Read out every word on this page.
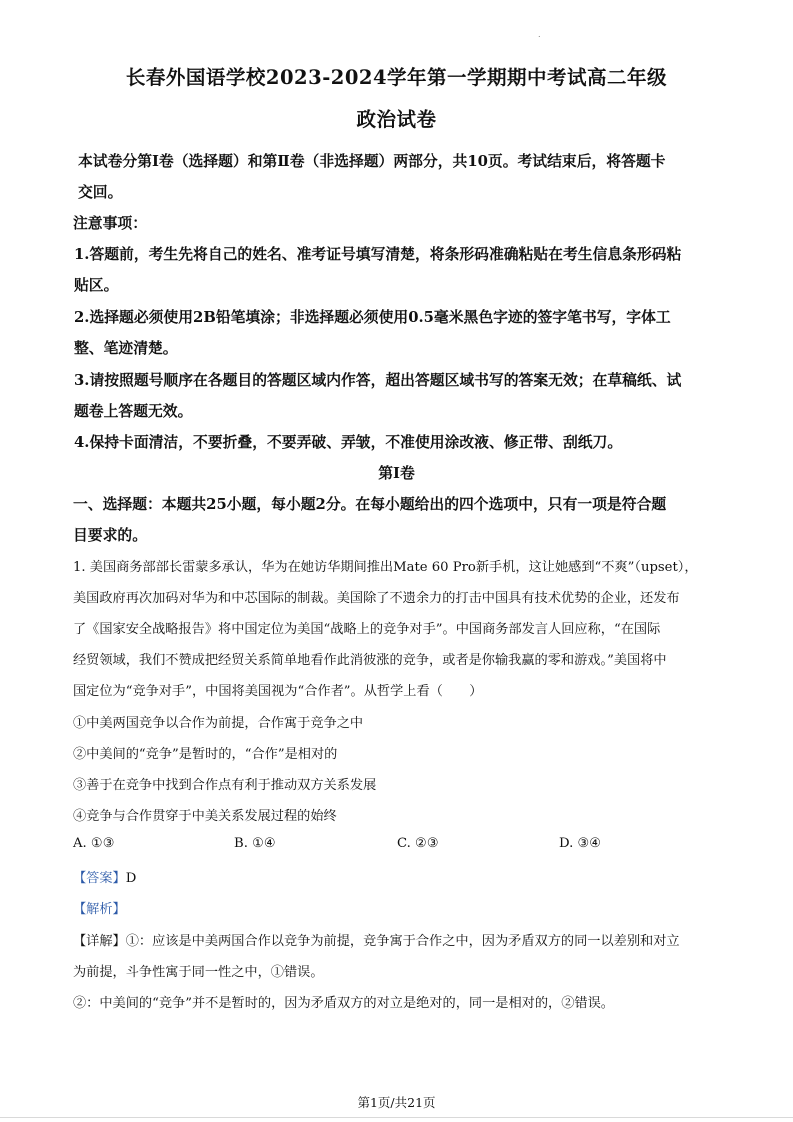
.
长春外国语学校2023-2024学年第一学期期中考试高二年级
政治试卷
本试卷分第Ⅰ卷（选择题）和第Ⅱ卷（非选择题）两部分，共10页。考试结束后，将答题卡
交回。
注意事项：
1.答题前，考生先将自己的姓名、准考证号填写清楚，将条形码准确粘贴在考生信息条形码粘
贴区。
2.选择题必须使用2B铅笔填涂；非选择题必须使用0.5毫米黑色字迹的签字笔书写，字体工
整、笔迹清楚。
3.请按照题号顺序在各题目的答题区域内作答，超出答题区域书写的答案无效；在草稿纸、试
题卷上答题无效。
4.保持卡面清洁，不要折叠，不要弄破、弄皱，不准使用涂改液、修正带、刮纸刀。
第Ⅰ卷
一、选择题：本题共25小题，每小题2分。在每小题给出的四个选项中，只有一项是符合题
目要求的。
1. 美国商务部部长雷蒙多承认，华为在她访华期间推出Mate 60 Pro新手机，这让她感到“不爽”（upset），
美国政府再次加码对华为和中芯国际的制裁。美国除了不遗余力的打击中国具有技术优势的企业，还发布
了《国家安全战略报告》将中国定位为美国“战略上的竞争对手”。中国商务部发言人回应称，“在国际
经贸领域，我们不赞成把经贸关系简单地看作此消彼涨的竞争，或者是你输我赢的零和游戏。”美国将中
国定位为“竞争对手”，中国将美国视为“合作者”。从哲学上看（　　）
①中美两国竞争以合作为前提，合作寓于竞争之中
②中美间的“竞争”是暂时的，“合作”是相对的
③善于在竞争中找到合作点有利于推动双方关系发展
④竞争与合作贯穿于中美关系发展过程的始终
A. ①③	B. ①④	C. ②③	D. ③④
【答案】D
【解析】
【详解】①：应该是中美两国合作以竞争为前提，竞争寓于合作之中，因为矛盾双方的同一以差别和对立
为前提，斗争性寓于同一性之中，①错误。
②：中美间的“竞争”并不是暂时的，因为矛盾双方的对立是绝对的，同一是相对的，②错误。
第1页/共21页
